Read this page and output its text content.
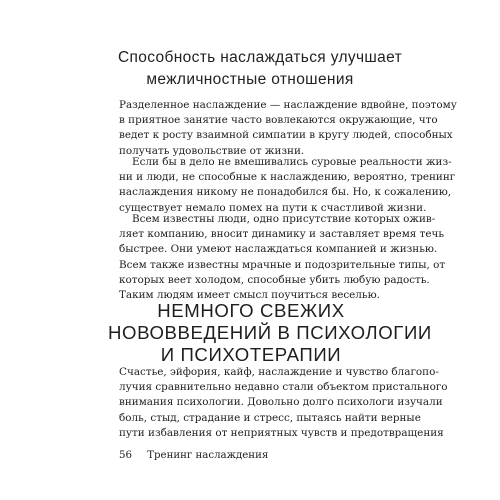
Способность наслаждаться улучшает
межличностные отношения
Разделенное наслаждение — наслаждение вдвойне, поэтому
в приятное занятие часто вовлекаются окружающие, что
ведет к росту взаимной симпатии в кругу людей, способных
получать удовольствие от жизни.
Если бы в дело не вмешивались суровые реальности жиз-
ни и люди, не способные к наслаждению, вероятно, тренинг
наслаждения никому не понадобился бы. Но, к сожалению,
существует немало помех на пути к счастливой жизни.
Всем известны люди, одно присутствие которых ожив-
ляет компанию, вносит динамику и заставляет время течь
быстрее. Они умеют наслаждаться компанией и жизнью.
Всем также известны мрачные и подозрительные типы, от
которых веет холодом, способные убить любую радость.
Таким людям имеет смысл поучиться веселью.
НЕМНОГО СВЕЖИХ
НОВОВВЕДЕНИЙ В ПСИХОЛОГИИ
И ПСИХОТЕРАПИИ
Счастье, эйфория, кайф, наслаждение и чувство благопо-
лучия сравнительно недавно стали объектом пристального
внимания психологии. Довольно долго психологи изучали
боль, стыд, страдание и стресс, пытаясь найти верные
пути избавления от неприятных чувств и предотвращения
56 Тренинг наслаждения
